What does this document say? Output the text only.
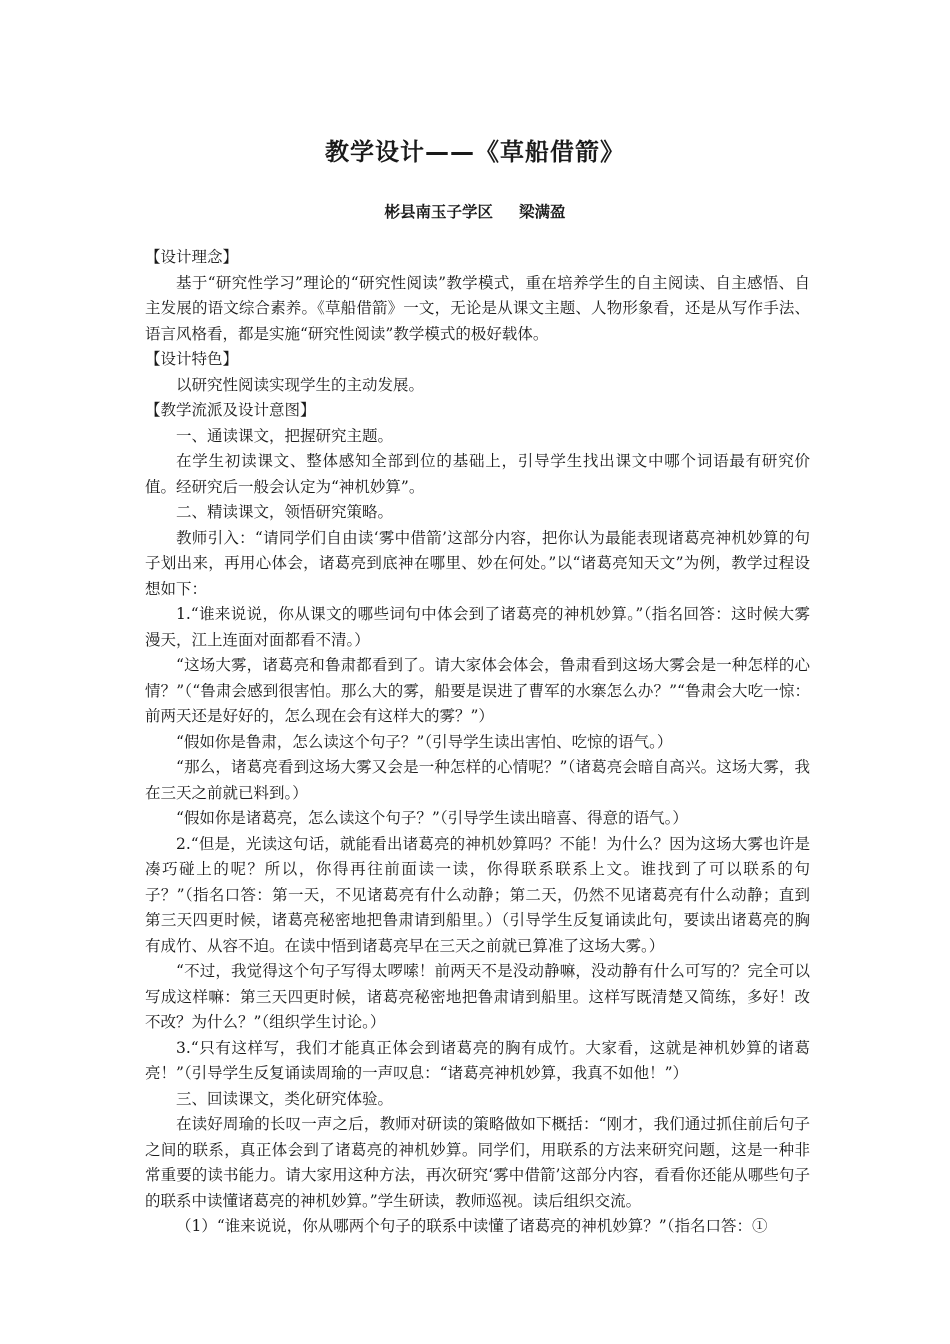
教学设计——《草船借箭》
彬县南玉子学区 梁满盈

【设计理念】

基于“研究性学习”理论的“研究性阅读”教学模式，重在培养学生的自主阅读、自主感悟、自主发展的语文综合素养。《草船借箭》一文，无论是从课文主题、人物形象看，还是从写作手法、语言风格看，都是实施“研究性阅读”教学模式的极好载体。

【设计特色】

以研究性阅读实现学生的主动发展。

【教学流派及设计意图】

一、通读课文，把握研究主题。

在学生初读课文、整体感知全部到位的基础上，引导学生找出课文中哪个词语最有研究价值。经研究后一般会认定为“神机妙算”。

二、精读课文，领悟研究策略。

教师引入：“请同学们自由读‘雾中借箭’这部分内容，把你认为最能表现诸葛亮神机妙算的句子划出来，再用心体会，诸葛亮到底神在哪里、妙在何处。”以“诸葛亮知天文”为例，教学过程设想如下：

1.“谁来说说，你从课文的哪些词句中体会到了诸葛亮的神机妙算。”（指名回答：这时候大雾漫天，江上连面对面都看不清。）

“这场大雾，诸葛亮和鲁肃都看到了。请大家体会体会，鲁肃看到这场大雾会是一种怎样的心情？”（“鲁肃会感到很害怕。那么大的雾，船要是误进了曹军的水寨怎么办？”“鲁肃会大吃一惊：前两天还是好好的，怎么现在会有这样大的雾？”）

“假如你是鲁肃，怎么读这个句子？”（引导学生读出害怕、吃惊的语气。）

“那么，诸葛亮看到这场大雾又会是一种怎样的心情呢？”（诸葛亮会暗自高兴。这场大雾，我在三天之前就已料到。）

“假如你是诸葛亮，怎么读这个句子？”（引导学生读出暗喜、得意的语气。）

2.“但是，光读这句话，就能看出诸葛亮的神机妙算吗？不能！为什么？因为这场大雾也许是凑巧碰上的呢？所以，你得再往前面读一读，你得联系联系上文。谁找到了可以联系的句子？”（指名口答：第一天，不见诸葛亮有什么动静；第二天，仍然不见诸葛亮有什么动静；直到第三天四更时候，诸葛亮秘密地把鲁肃请到船里。）（引导学生反复诵读此句，要读出诸葛亮的胸有成竹、从容不迫。在读中悟到诸葛亮早在三天之前就已算准了这场大雾。）

“不过，我觉得这个句子写得太啰嗦！前两天不是没动静嘛，没动静有什么可写的？完全可以写成这样嘛：第三天四更时候，诸葛亮秘密地把鲁肃请到船里。这样写既清楚又简练，多好！改不改？为什么？”（组织学生讨论。）

3.“只有这样写，我们才能真正体会到诸葛亮的胸有成竹。大家看，这就是神机妙算的诸葛亮！”（引导学生反复诵读周瑜的一声叹息：“诸葛亮神机妙算，我真不如他！”）

三、回读课文，类化研究体验。

在读好周瑜的长叹一声之后，教师对研读的策略做如下概括：“刚才，我们通过抓住前后句子之间的联系，真正体会到了诸葛亮的神机妙算。同学们，用联系的方法来研究问题，这是一种非常重要的读书能力。请大家用这种方法，再次研究‘雾中借箭’这部分内容，看看你还能从哪些句子的联系中读懂诸葛亮的神机妙算。”学生研读，教师巡视。读后组织交流。

（1）“谁来说说，你从哪两个句子的联系中读懂了诸葛亮的神机妙算？”（指名口答：①
